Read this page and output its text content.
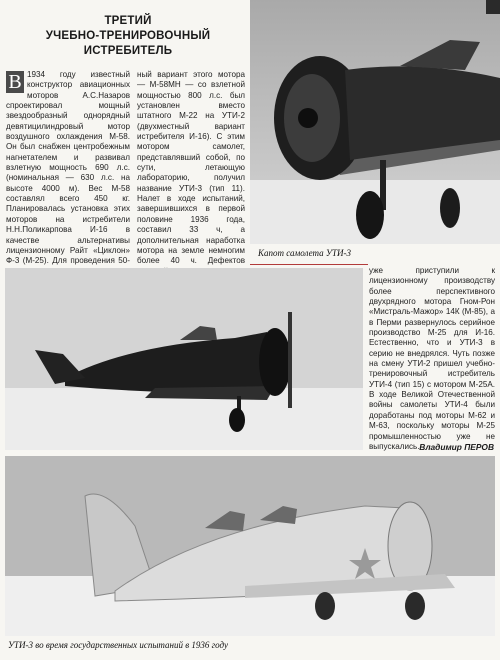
ТРЕТИЙ
УЧЕБНО-ТРЕНИРОВОЧНЫЙ
ИСТРЕБИТЕЛЬ

В 1934 году известный конструктор авиационных моторов А.С.Назаров спроектировал мощный звездообразный однорядный девятицилиндровый мотор воздушного охлаждения М-58. Он был снабжен центробежным нагнетателем и развивал взлетную мощность 690 л.с. (номинальная — 630 л.с. на высоте 4000 м). Вес М-58 составлял всего 450 кг. Планировалась установка этих моторов на истребители Н.Н.Поликарпова И-16 в качестве альтернативы лицензионному Райт «Циклон» Ф-3 (М-25). Для проведения 50-

ный вариант этого мотора — М-58МН — со взлетной мощностью 800 л.с. был установлен вместо штатного М-22 на УТИ-2 (двухместный вариант истребителя И-16). С этим мотором самолет, представлявший собой, по сути, летающую лабораторию, получил название УТИ-3 (тип 11). Налет в ходе испытаний, завершившихся в первой половине 1936 года, составил 33 ч, а дополнительная наработка мотора на земле немногим более 40 ч. Дефектов

Капот самолета УТИ-3

уже приступили к лицензионному производству более перспективного двухрядного мотора Гном-Рон «Мистраль-Мажор» 14К (М-85), а в Перми развернулось серийное производство М-25 для И-16. Естественно, что и УТИ-3 в серию не внедрялся. Чуть позже на смену УТИ-2 пришел учебно-тренировочный истребитель УТИ-4 (тип 15) с мотором М-25А. В ходе Великой Отечественной войны самолеты УТИ-4 были доработаны под моторы М-62 и М-63, поскольку моторы М-25 промышленностью уже не выпускались. Владимир ПЕРОВ
УТИ-3 во время государственных испытаний в 1936 году
